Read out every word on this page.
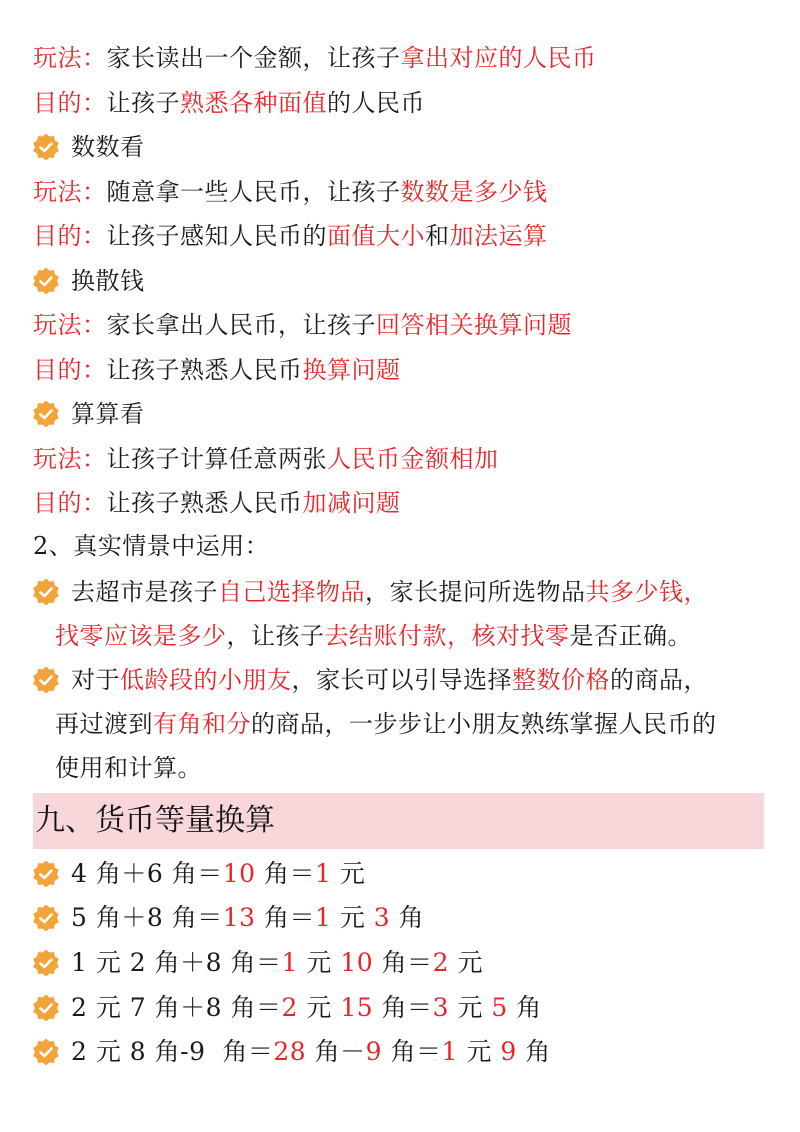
玩法：家长读出一个金额，让孩子拿出对应的人民币
目的：让孩子熟悉各种面值的人民币
数数看
玩法：随意拿一些人民币，让孩子数数是多少钱
目的：让孩子感知人民币的面值大小和加法运算
换散钱
玩法：家长拿出人民币，让孩子回答相关换算问题
目的：让孩子熟悉人民币换算问题
算算看
玩法：让孩子计算任意两张人民币金额相加
目的：让孩子熟悉人民币加减问题
2、真实情景中运用：
去超市是孩子自己选择物品，家长提问所选物品共多少钱，
找零应该是多少，让孩子去结账付款，核对找零是否正确。
对于低龄段的小朋友，家长可以引导选择整数价格的商品，
再过渡到有角和分的商品，一步步让小朋友熟练掌握人民币的
使用和计算。
4 角＋6 角＝10 角＝1 元
5 角＋8 角＝13 角＝1 元 3 角
1 元 2 角＋8 角＝1 元 10 角＝2 元
2 元 7 角＋8 角＝2 元 15 角＝3 元 5 角
2 元 8 角-9  角＝28 角－9 角＝1 元 9 角
九、货币等量换算
